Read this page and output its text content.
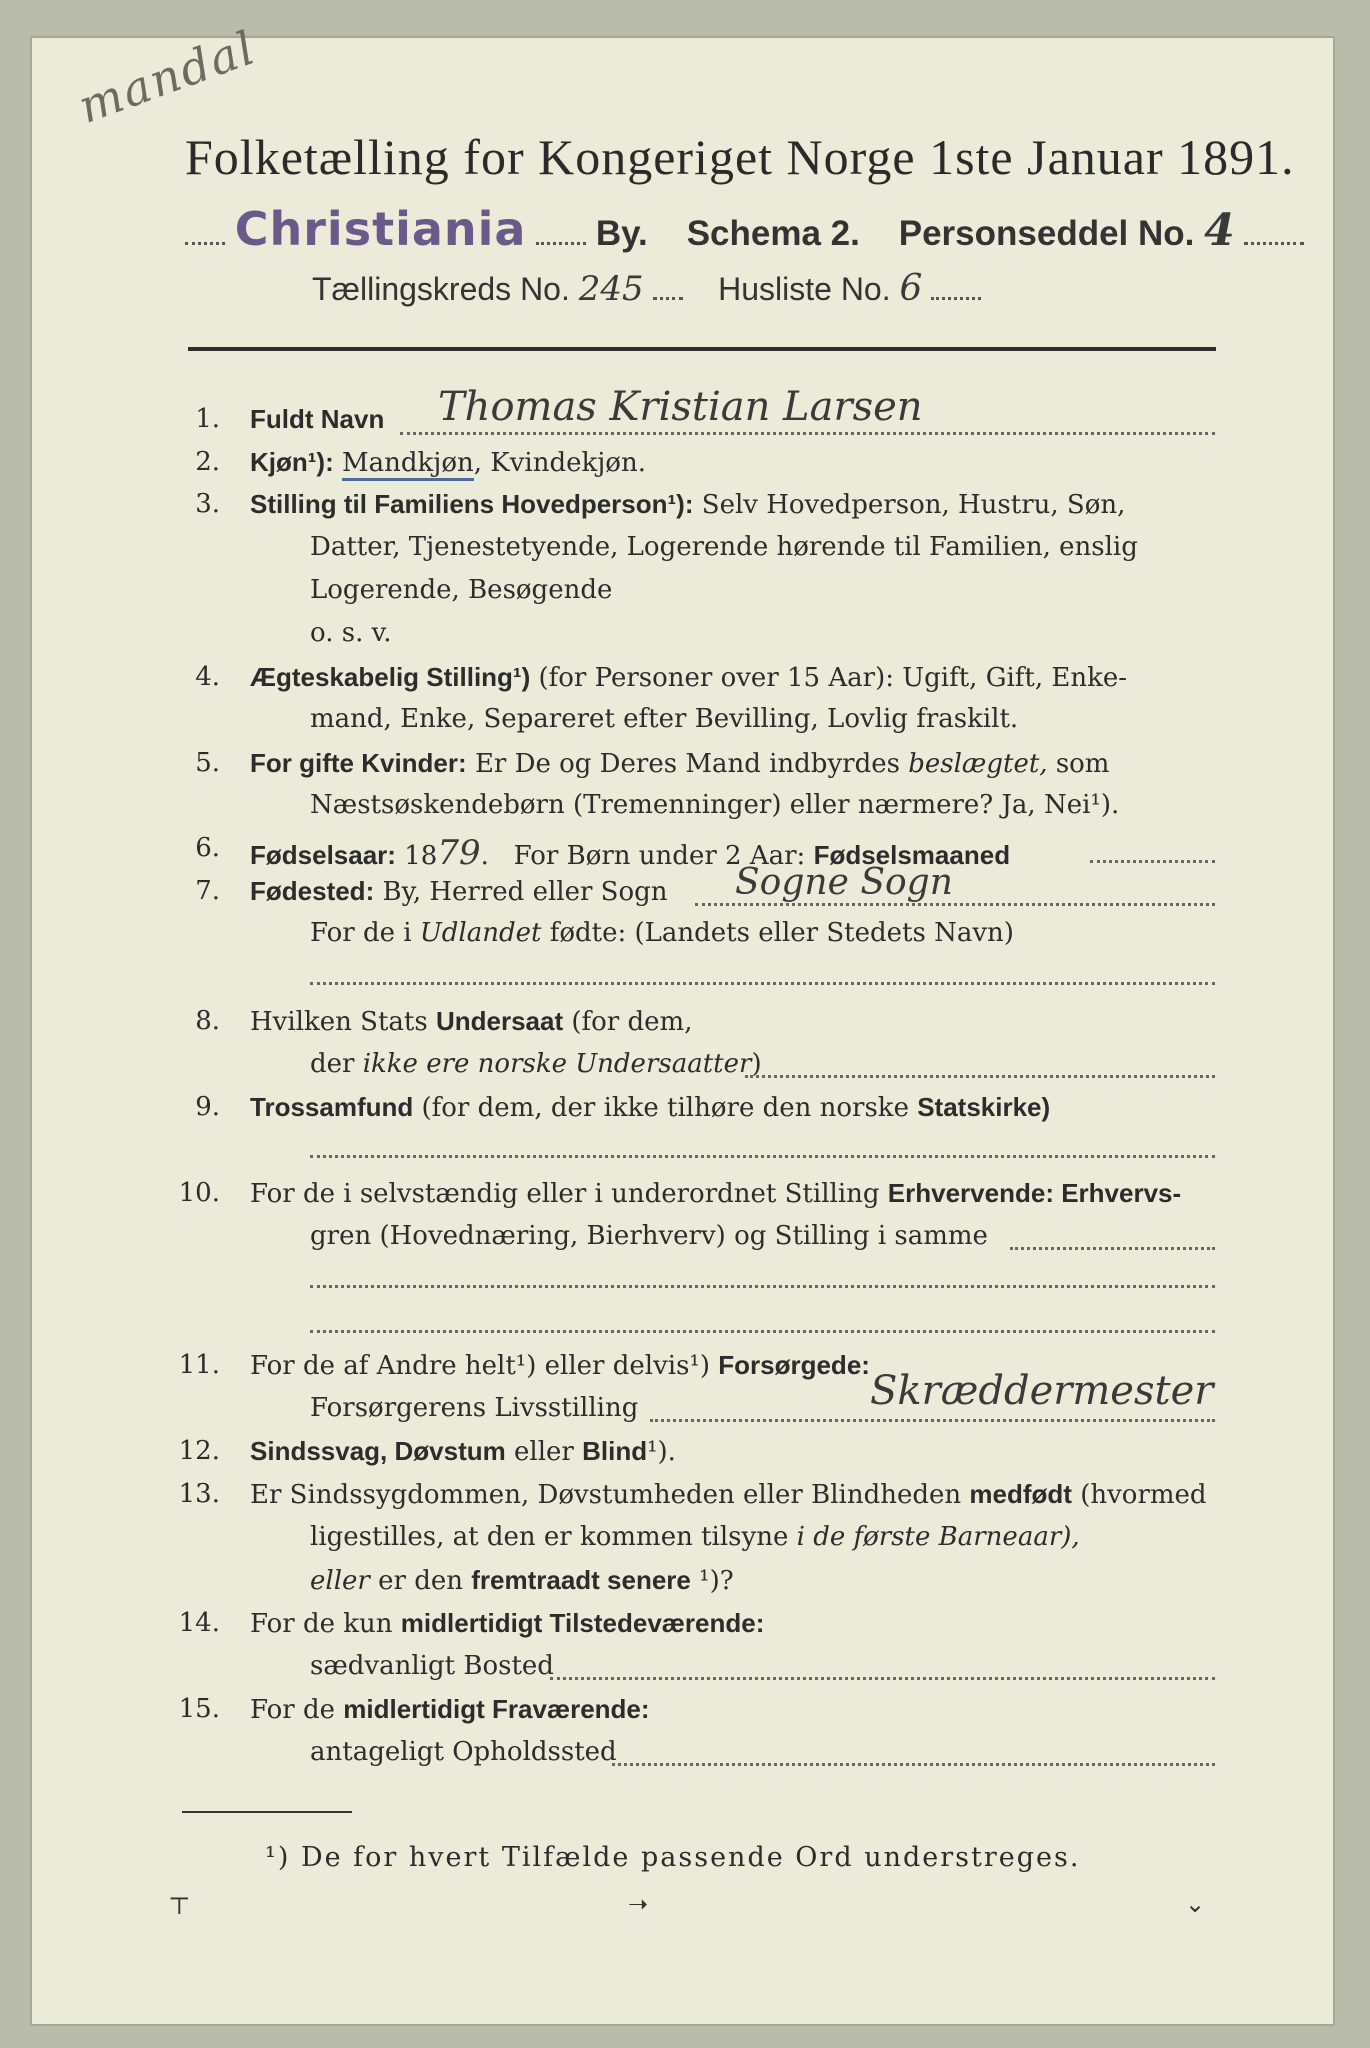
mandal
Folketælling for Kongeriget Norge 1ste Januar 1891.
Christiania By. Schema 2. Personseddel No. 4
Tællingskreds No. 245 Husliste No. 6
1. Fuldt Navn Thomas Kristian Larsen
2. Kjøn¹): Mandkjøn, Kvindekjøn.
3. Stilling til Familiens Hovedperson¹): Selv Hovedperson, Hustru, Søn,
Datter, Tjenestetyende, Logerende hørende til Familien, enslig
Logerende, Besøgende
o. s. v.
4. Ægteskabelig Stilling¹) (for Personer over 15 Aar): Ugift, Gift, Enke-
mand, Enke, Separeret efter Bevilling, Lovlig fraskilt.
5. For gifte Kvinder: Er De og Deres Mand indbyrdes beslægtet, som
Næstsøskendebørn (Tremenninger) eller nærmere? Ja, Nei¹).
6. Fødselsaar: 1879.   For Børn under 2 Aar: Fødselsmaaned
7. Fødested: By, Herred eller Sogn Sogne Sogn
For de i Udlandet fødte: (Landets eller Stedets Navn)
8. Hvilken Stats Undersaat (for dem,
der ikke ere norske Undersaatter)
9. Trossamfund (for dem, der ikke tilhøre den norske Statskirke)
10. For de i selvstændig eller i underordnet Stilling Erhvervende: Erhvervs-
gren (Hovednæring, Bierhverv) og Stilling i samme
11. For de af Andre helt¹) eller delvis¹) Forsørgede:
Forsørgerens Livsstilling	Skræddermester
12. Sindssvag, Døvstum eller Blind¹).
13. Er Sindssygdommen, Døvstumheden eller Blindheden medfødt (hvormed
ligestilles, at den er kommen tilsyne i de første Barneaar),
eller er den fremtraadt senere ¹)?
14. For de kun midlertidigt Tilstedeværende:
sædvanligt Bosted
15. For de midlertidigt Fraværende:
antageligt Opholdssted
¹) De for hvert Tilfælde passende Ord understreges.
⊤	➝	⌄
